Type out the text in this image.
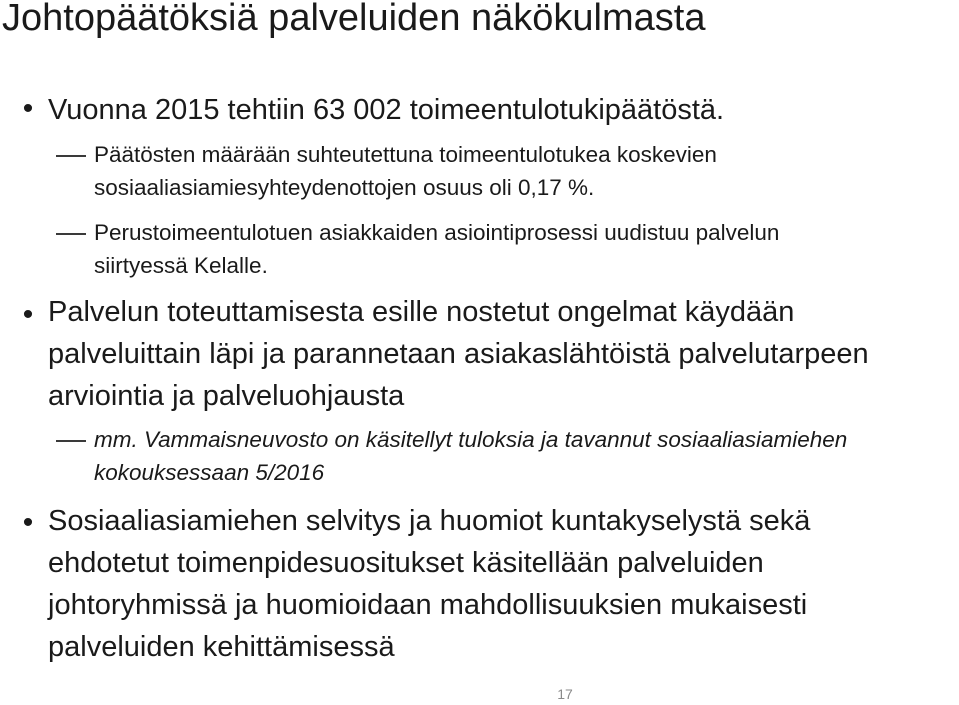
Johtopäätöksiä palveluiden näkökulmasta
• Vuonna 2015 tehtiin 63 002 toimeentulotukipäätöstä.
Päätösten määrään suhteutettuna toimeentulotukea koskevien sosiaaliasiamiesyhteydenottojen osuus oli 0,17 %.
Perustoimeentulotuen asiakkaiden asiointiprosessi uudistuu palvelun siirtyessä Kelalle.
• Palvelun toteuttamisesta esille nostetut ongelmat käydään palveluittain läpi ja parannetaan asiakaslähtöistä palvelutarpeen arviointia ja palveluohjausta
mm. Vammaisneuvosto on käsitellyt tuloksia ja tavannut sosiaaliasiamiehen kokouksessaan 5/2016
• Sosiaaliasiamiehen selvitys ja huomiot kuntakyselystä sekä ehdotetut toimenpidesuositukset käsitellään palveluiden johtoryhmissä ja huomioidaan mahdollisuuksien mukaisesti palveluiden kehittämisessä
17
